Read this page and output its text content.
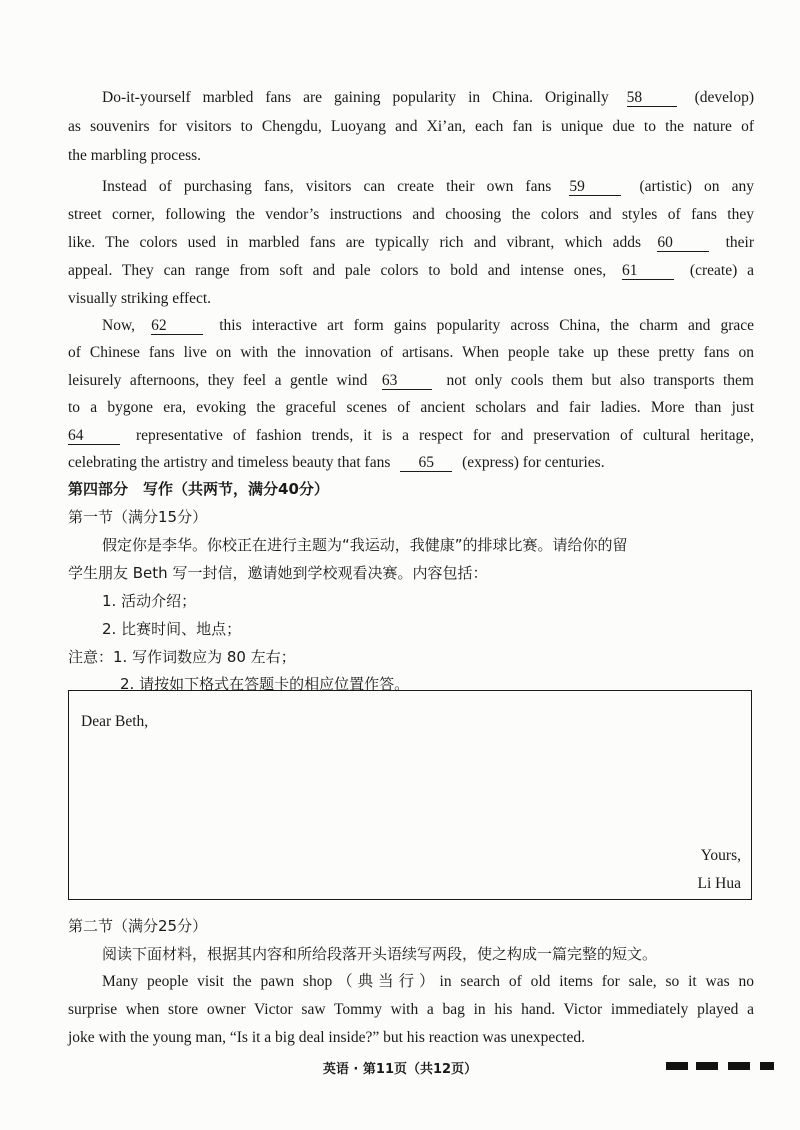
Do-it-yourself marbled fans are gaining popularity in China. Originally 58	(develop)
as souvenirs for visitors to Chengdu, Luoyang and Xi’an, each fan is unique due to the nature of
the marbling process.
Instead of purchasing fans, visitors can create their own fans 59	(artistic) on any
street corner, following the vendor’s instructions and choosing the colors and styles of fans they
like. The colors used in marbled fans are typically rich and vibrant, which adds 60	their
appeal. They can range from soft and pale colors to bold and intense ones, 61	(create) a
visually striking effect.
Now, 62	this interactive art form gains popularity across China, the charm and grace
of Chinese fans live on with the innovation of artisans. When people take up these pretty fans on
leisurely afternoons, they feel a gentle wind 63	not only cools them but also transports them
to a bygone era, evoking the graceful scenes of ancient scholars and fair ladies. More than just
64	representative of fashion trends, it is a respect for and preservation of cultural heritage,
celebrating the artistry and timeless beauty that fans 65 (express) for centuries.
第四部分　写作（共两节，满分40分）
第一节（满分15分）
假定你是李华。你校正在进行主题为“我运动，我健康”的排球比赛。请给你的留
学生朋友 Beth 写一封信，邀请她到学校观看决赛。内容包括：
1. 活动介绍；
2. 比赛时间、地点；
注意：1. 写作词数应为 80 左右；
2. 请按如下格式在答题卡的相应位置作答。
Dear Beth,
Yours,
Li Hua
第二节（满分25分）
阅读下面材料，根据其内容和所给段落开头语续写两段，使之构成一篇完整的短文。
Many people visit the pawn shop（典当行）in search of old items for sale, so it was no
surprise when store owner Victor saw Tommy with a bag in his hand. Victor immediately played a
joke with the young man, “Is it a big deal inside?” but his reaction was unexpected.
英语 · 第11页（共12页）
